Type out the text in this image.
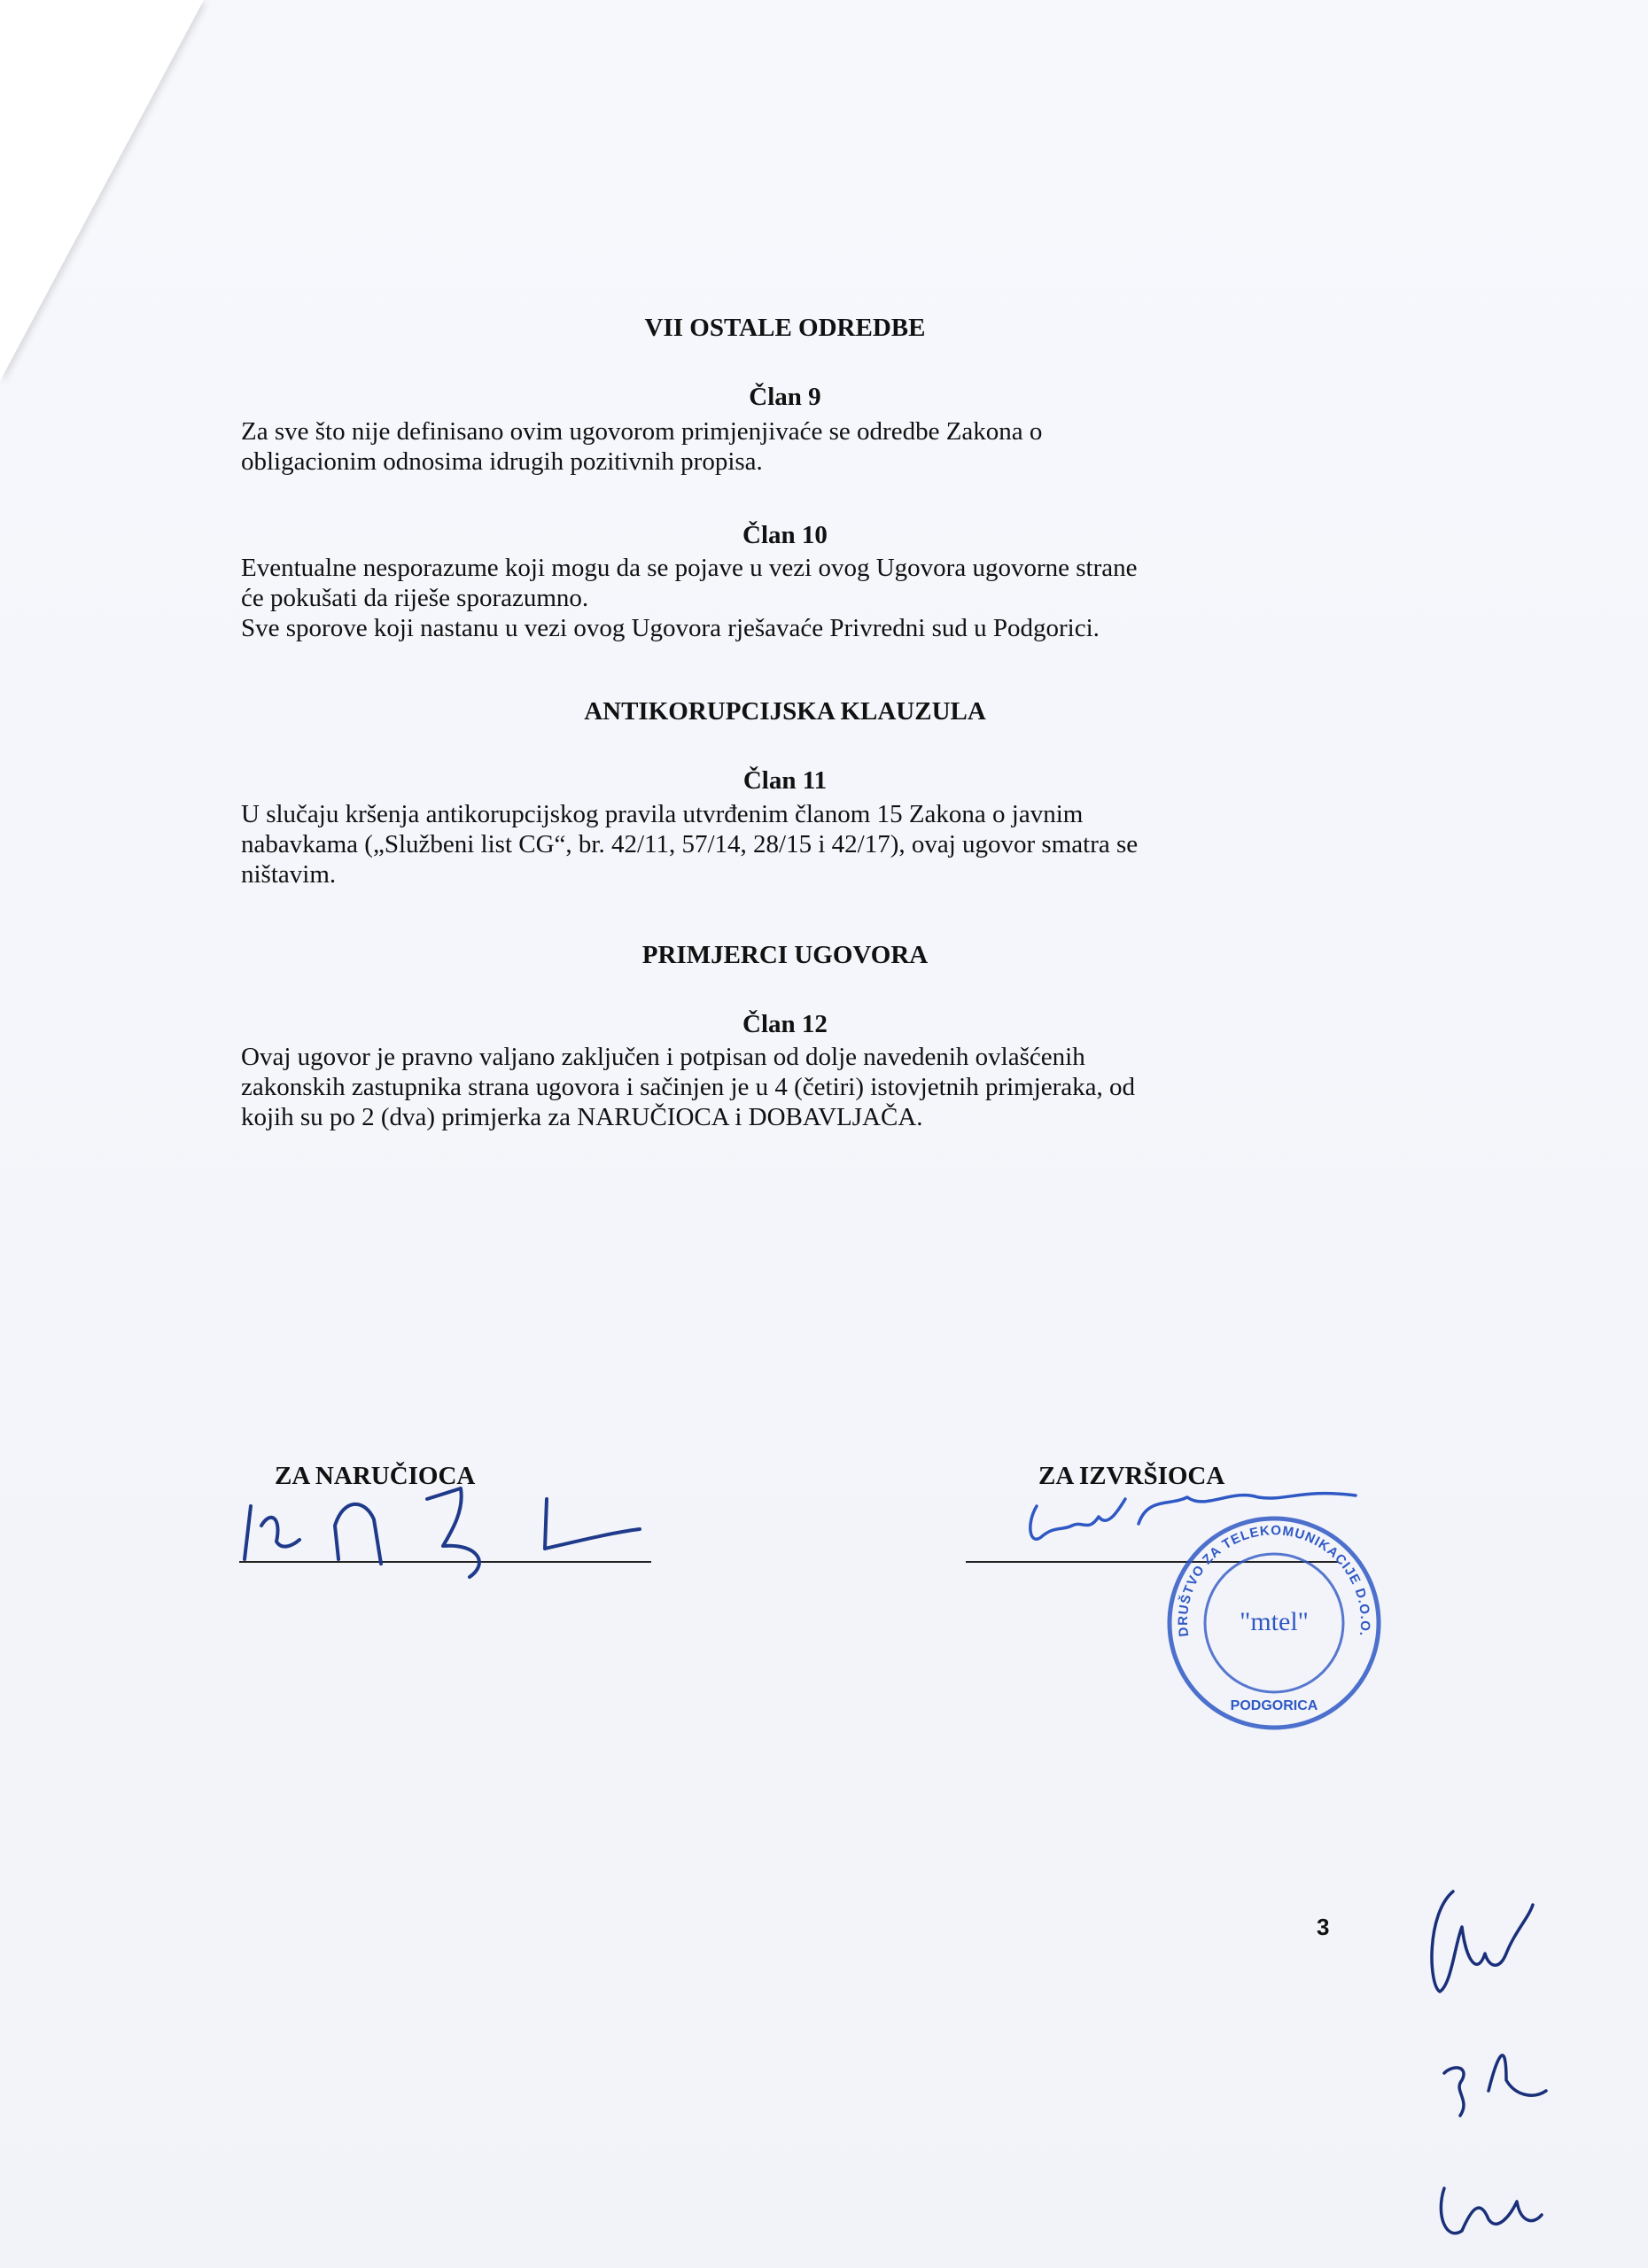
VII OSTALE ODREDBE
Član 9

Za sve što nije definisano ovim ugovorom primjenjivaće se odredbe Zakona o
obligacionim odnosima idrugih pozitivnih propisa.

Član 10

Eventualne nesporazume koji mogu da se pojave u vezi ovog Ugovora ugovorne strane
će pokušati da riješe sporazumno.
Sve sporove koji nastanu u vezi ovog Ugovora rješavaće Privredni sud u Podgorici.

ANTIKORUPCIJSKA KLAUZULA
Član 11

U slučaju kršenja antikorupcijskog pravila utvrđenim članom 15 Zakona o javnim
nabavkama („Službeni list CG“, br. 42/11, 57/14, 28/15 i 42/17), ovaj ugovor smatra se
ništavim.

PRIMJERCI UGOVORA
Član 12

Ovaj ugovor je pravno valjano zaključen i potpisan od dolje navedenih ovlašćenih
zakonskih zastupnika strana ugovora i sačinjen je u 4 (četiri) istovjetnih primjeraka, od
kojih su po 2 (dva) primjerka za NARUČIOCA i DOBAVLJAČA.

ZA NARUČIOCA	ZA IZVRŠIOCA
3
DRUŠTVO ZA TELEKOMUNIKACIJE D.O.O.
"mtel"
PODGORICA
